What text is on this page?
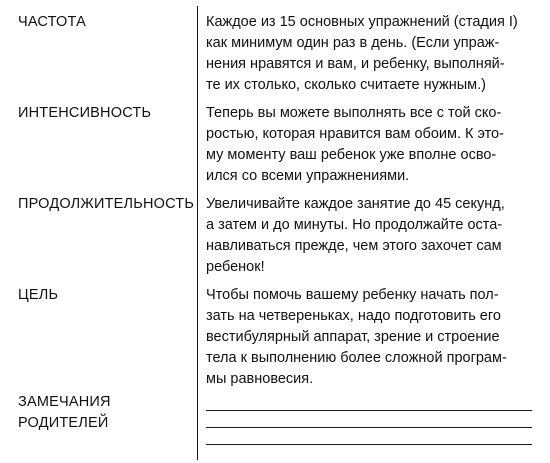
ЧАСТОТА	Каждое из 15 основных упражнений (стадия I)
как минимум один раз в день. (Если упраж-
нения нравятся и вам, и ребенку, выполняй-
те их столько, сколько считаете нужным.)
ИНТЕНСИВНОСТЬ	Теперь вы можете выполнять все с той ско-
ростью, которая нравится вам обоим. К это-
му моменту ваш ребенок уже вполне осво-
ился со всеми упражнениями.
ПРОДОЛЖИТЕЛЬНОСТЬ Увеличивайте каждое занятие до 45 секунд,
а затем и до минуты. Но продолжайте оста-
навливаться прежде, чем этого захочет сам
ребенок!
ЦЕЛЬ	Чтобы помочь вашему ребенку начать пол-
зать на четвереньках, надо подготовить его
вестибулярный аппарат, зрение и строение
тела к выполнению более сложной програм-
мы равновесия.
ЗАМЕЧАНИЯ
РОДИТЕЛЕЙ
